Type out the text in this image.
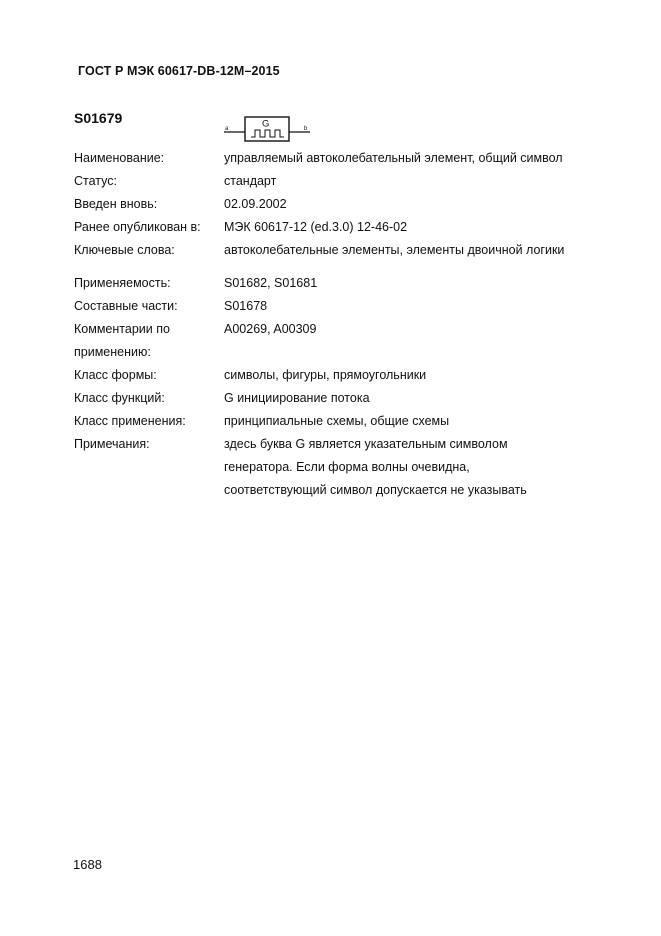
ГОСТ Р МЭК 60617-DB-12M–2015
S01679	G
a	b
Наименование:	управляемый автоколебательный элемент, общий символ
Статус:	стандарт
Введен вновь:	02.09.2002
Ранее опубликован в: МЭК 60617-12 (ed.3.0) 12-46-02
Ключевые слова:	автоколебательные элементы, элементы двоичной логики
Применяемость:	S01682, S01681
Составные части:	S01678
Комментарии по	A00269, A00309
применению:
Класс формы:	символы, фигуры, прямоугольники
Класс функций:	G инициирование потока
Класс применения:	принципиальные схемы, общие схемы
Примечания:	здесь буква G является указательным символом
генератора. Если форма волны очевидна,
соответствующий символ допускается не указывать
1688
